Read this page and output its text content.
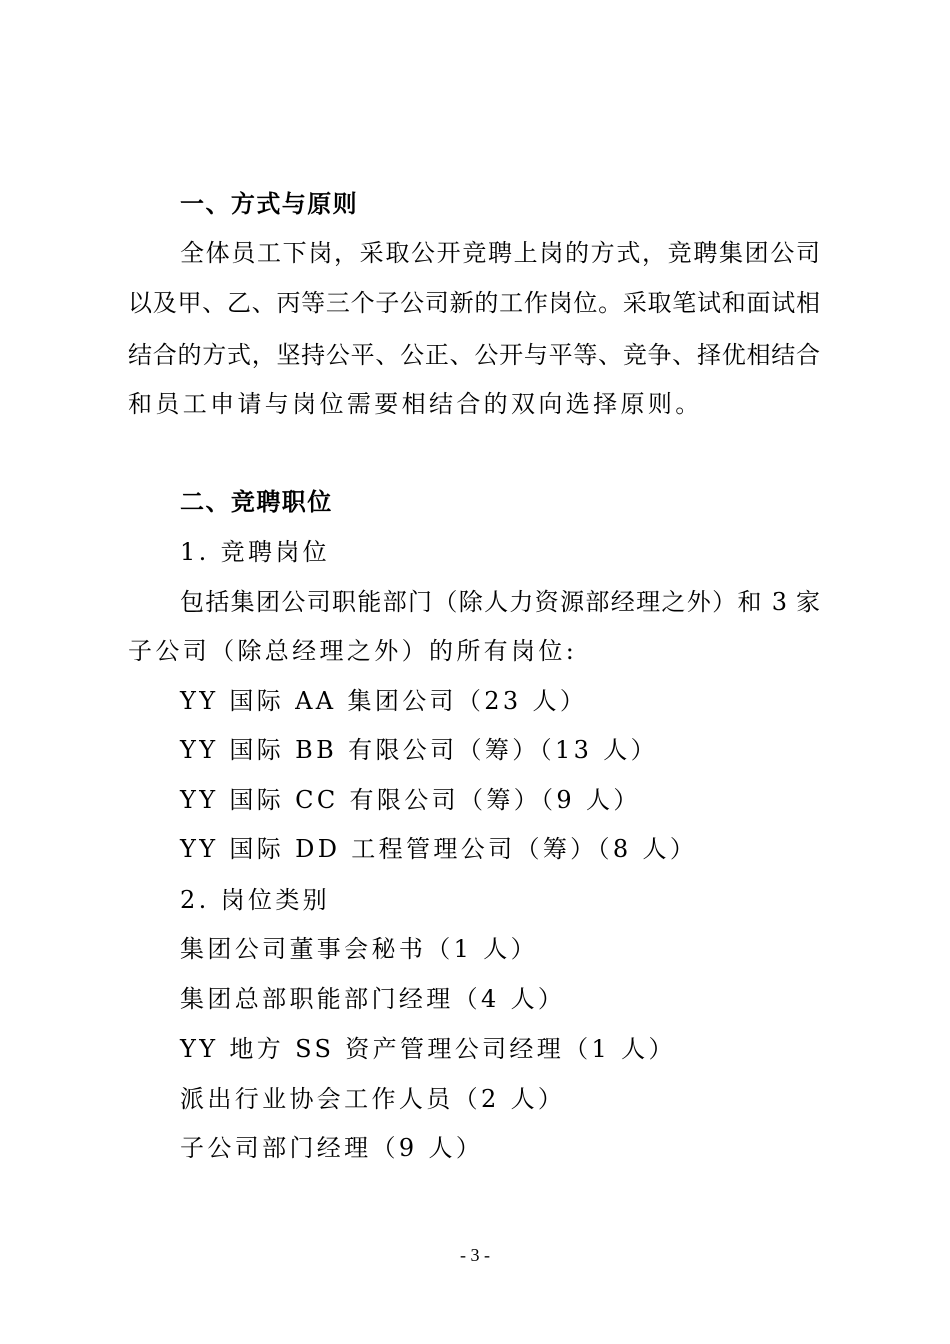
一、方式与原则
全体员工下岗，采取公开竞聘上岗的方式，竞聘集团公司
以及甲、乙、丙等三个子公司新的工作岗位。采取笔试和面试相
结合的方式，坚持公平、公正、公开与平等、竞争、择优相结合
和员工申请与岗位需要相结合的双向选择原则。
二、竞聘职位
1. 竞聘岗位
包括集团公司职能部门（除人力资源部经理之外）和 3 家
子公司（除总经理之外）的所有岗位:
YY 国际 AA 集团公司（23 人）
YY 国际 BB 有限公司（筹）（13 人）
YY 国际 CC 有限公司（筹）（9 人）
YY 国际 DD 工程管理公司（筹）（8 人）
2. 岗位类别
集团公司董事会秘书（1 人）
集团总部职能部门经理（4 人）
YY 地方 SS 资产管理公司经理（1 人）
派出行业协会工作人员（2 人）
子公司部门经理（9 人）
- 3 -
